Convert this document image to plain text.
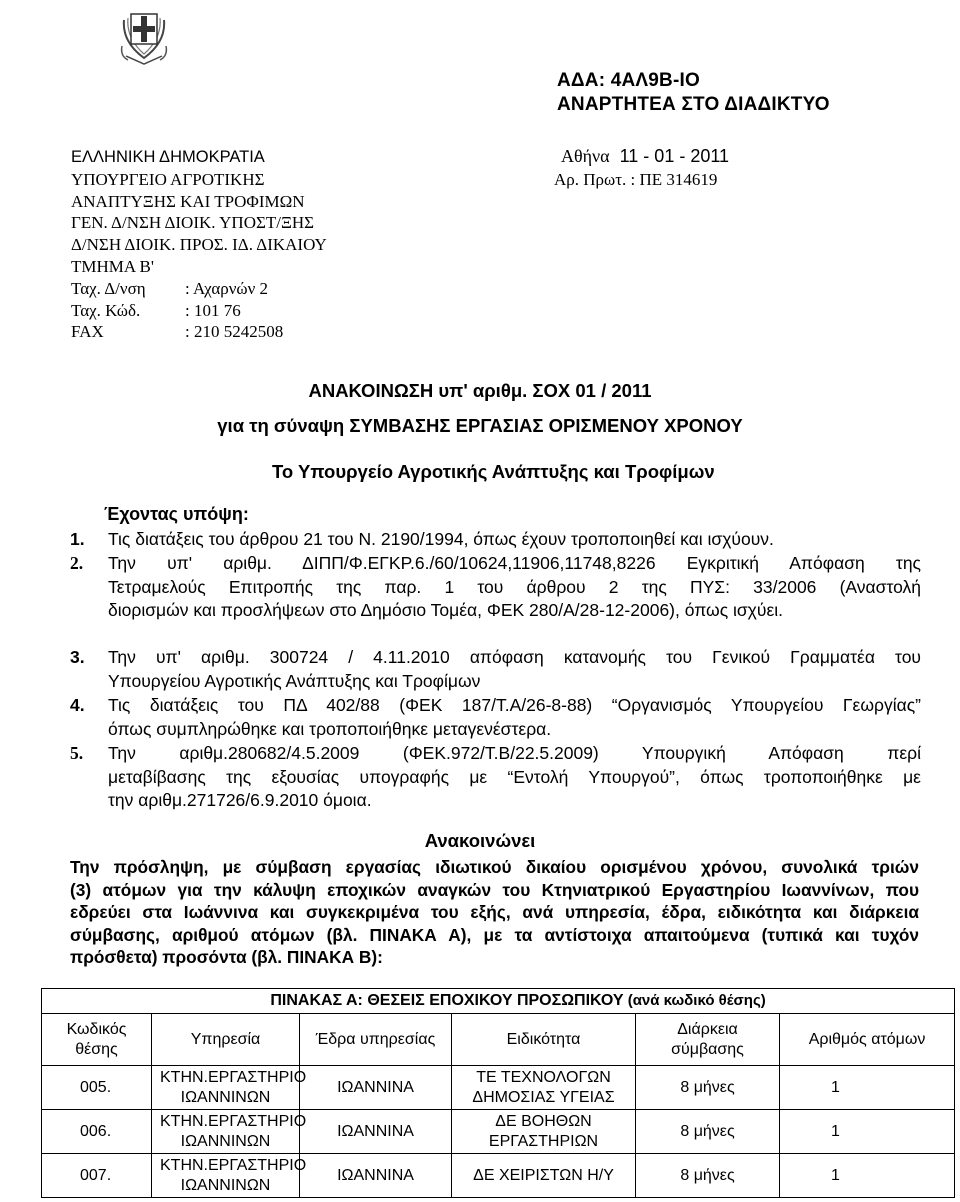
ΑΔΑ: 4ΑΛ9Β-ΙΟ
ΑΝΑΡΤΗΤΕΑ ΣΤΟ ΔΙΑΔΙΚΤΥΟ
ΕΛΛΗΝΙΚΗ ΔΗΜΟΚΡΑΤΙΑ
ΥΠΟΥΡΓΕΙΟ ΑΓΡΟΤΙΚΗΣ
ΑΝΑΠΤΥΞΗΣ ΚΑΙ ΤΡΟΦΙΜΩΝ
ΓΕΝ. Δ/ΝΣΗ ΔΙΟΙΚ. ΥΠΟΣΤ/ΞΗΣ
Δ/ΝΣΗ ΔΙΟΙΚ. ΠΡΟΣ. ΙΔ. ΔΙΚΑΙΟΥ
ΤΜΗΜΑ Β'
Ταχ. Δ/νση : Αχαρνών 2
Ταχ. Κώδ.	: 101 76
FAX	: 210 5242508
Αθήνα 11 - 01 - 2011
Αρ. Πρωτ. : ΠΕ 314619
ΑΝΑΚΟΙΝΩΣΗ υπ' αριθμ. ΣΟΧ 01 / 2011
για τη σύναψη ΣΥΜΒΑΣΗΣ ΕΡΓΑΣΙΑΣ ΟΡΙΣΜΕΝΟΥ ΧΡΟΝΟΥ
Το Υπουργείο Αγροτικής Ανάπτυξης και Τροφίμων
Έχοντας υπόψη:
1. Τις διατάξεις του άρθρου 21 του Ν. 2190/1994, όπως έχουν τροποποιηθεί και ισχύουν.
2. Την υπ' αριθμ. ΔΙΠΠ/Φ.ΕΓΚΡ.6./60/10624,11906,11748,8226 Εγκριτική Απόφαση της
Τετραμελούς Επιτροπής της παρ. 1 του άρθρου 2 της ΠΥΣ: 33/2006 (Αναστολή
διορισμών και προσλήψεων στο Δημόσιο Τομέα, ΦΕΚ 280/Α/28-12-2006), όπως ισχύει.
3. Την υπ' αριθμ. 300724 / 4.11.2010 απόφαση κατανομής του Γενικού Γραμματέα του
Υπουργείου Αγροτικής Ανάπτυξης και Τροφίμων
4. Τις διατάξεις του ΠΔ 402/88 (ΦΕΚ 187/Τ.Α/26-8-88) “Οργανισμός Υπουργείου Γεωργίας”
όπως συμπληρώθηκε και τροποποιήθηκε μεταγενέστερα.
5. Την αριθμ.280682/4.5.2009 (ΦΕΚ.972/Τ.Β/22.5.2009) Υπουργική Απόφαση περί
μεταβίβασης της εξουσίας υπογραφής με “Εντολή Υπουργού”, όπως τροποποιήθηκε με
την αριθμ.271726/6.9.2010 όμοια.
Ανακοινώνει
Την πρόσληψη, με σύμβαση εργασίας ιδιωτικού δικαίου ορισμένου χρόνου, συνολικά τριών
(3) ατόμων για την κάλυψη εποχικών αναγκών του Κτηνιατρικού Εργαστηρίου Ιωαννίνων, που
εδρεύει στα Ιωάννινα και συγκεκριμένα του εξής, ανά υπηρεσία, έδρα, ειδικότητα και διάρκεια
σύμβασης, αριθμού ατόμων (βλ. ΠΙΝΑΚΑ Α), με τα αντίστοιχα απαιτούμενα (τυπικά και τυχόν
πρόσθετα) προσόντα (βλ. ΠΙΝΑΚΑ Β):
ΠΙΝΑΚΑΣ Α: ΘΕΣΕΙΣ ΕΠΟΧΙΚΟΥ ΠΡΟΣΩΠΙΚΟΥ (ανά κωδικό θέσης)					
Κωδικός θέσης	Υπηρεσία	Έδρα υπηρεσίας	Ειδικότητα	Διάρκεια σύμβασης	Αριθμός ατόμων
005.	ΚΤΗΝ.ΕΡΓΑΣΤΗΡΙΟ ΙΩΑΝΝΙΝΩΝ	ΙΩΑΝΝΙΝΑ	ΤΕ ΤΕΧΝΟΛΟΓΩΝ ΔΗΜΟΣΙΑΣ ΥΓΕΙΑΣ	8 μήνες	1
006.	ΚΤΗΝ.ΕΡΓΑΣΤΗΡΙΟ ΙΩΑΝΝΙΝΩΝ	ΙΩΑΝΝΙΝΑ	ΔΕ ΒΟΗΘΩΝ ΕΡΓΑΣΤΗΡΙΩΝ	8 μήνες	1
007.	ΚΤΗΝ.ΕΡΓΑΣΤΗΡΙΟ ΙΩΑΝΝΙΝΩΝ	ΙΩΑΝΝΙΝΑ	ΔΕ ΧΕΙΡΙΣΤΩΝ Η/Υ	8 μήνες	1
